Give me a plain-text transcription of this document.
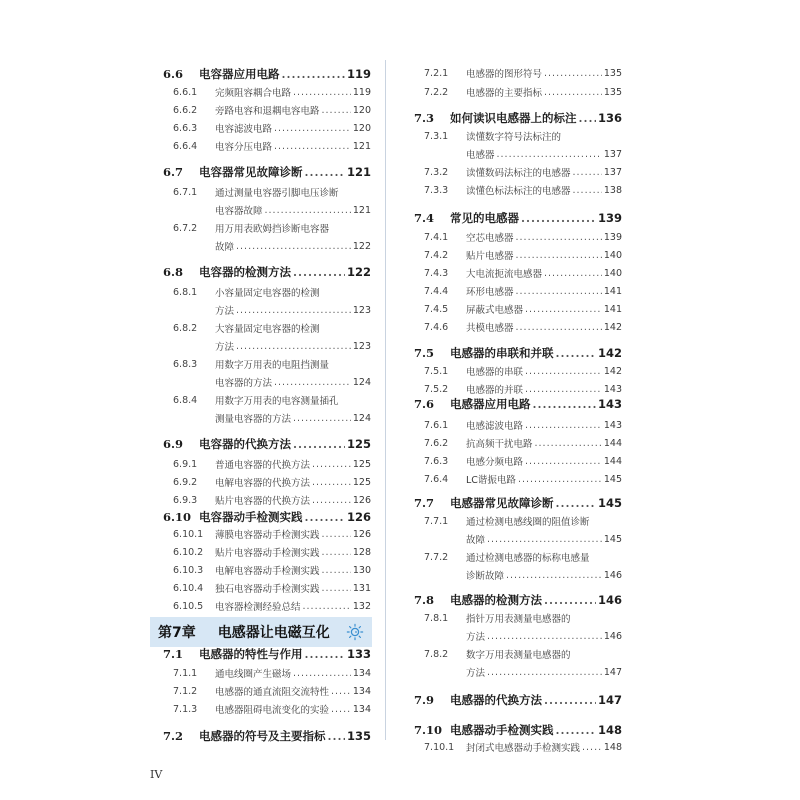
6.6	电容器应用电路 .....	119
6.6.1	完频阻容耦合电路 .....	119
6.6.2	旁路电容和退耦电容电路 .....	120
6.6.3	电容滤波电路 .....	120
6.6.4	电容分压电路 .....	121
6.7	电容器常见故障诊断 .....	121
6.7.1	通过测量电容器引脚电压诊断
电容器故障 .....	121
6.7.2	用万用表欧姆挡诊断电容器
故障 .....	122
6.8	电容器的检测方法 .....	122
6.8.1	小容量固定电容器的检测
方法 .....	123
6.8.2	大容量固定电容器的检测
方法 .....	123
6.8.3	用数字万用表的电阻挡测量
电容器的方法 .....	124
6.8.4	用数字万用表的电容测量插孔
测量电容器的方法 .....	124
6.9	电容器的代换方法 .....	125
6.9.1	普通电容器的代换方法 .....	125
6.9.2	电解电容器的代换方法 .....	125
6.9.3	贴片电容器的代换方法 .....	126
6.10 电容器动手检测实践 .....	126
6.10.1	薄膜电容器动手检测实践 .....	126
6.10.2	贴片电容器动手检测实践 .....	128
6.10.3	电解电容器动手检测实践 .....	130
6.10.4	独石电容器动手检测实践 .....	131
6.10.5	电容器检测经验总结 .....	132
7.1	电感器的特性与作用 .....	133
7.1.1	通电线圈产生磁场 .....	134
7.1.2	电感器的通直流阻交流特性 .....	134
7.1.3	电感器阻碍电流变化的实验 .....	134
7.2	电感器的符号及主要指标 ..... 135
7.2.1	电感器的图形符号 .....	135
7.2.2	电感器的主要指标 .....	135
7.3	如何读识电感器上的标注 ..... 136
7.3.1	读懂数字符号法标注的
电感器 .....	137
7.3.2	读懂数码法标注的电感器 .....	137
7.3.3	读懂色标法标注的电感器 .....	138
7.4	常见的电感器 .....	139
7.4.1	空芯电感器 .....	139
7.4.2	贴片电感器 .....	140
7.4.3	大电流扼流电感器 .....	140
7.4.4	环形电感器 .....	141
7.4.5	屏蔽式电感器 .....	141
7.4.6	共模电感器 .....	142
7.5	电感器的串联和并联 .....	142
7.5.1	电感器的串联 .....	142
7.5.2	电感器的并联 .....	143
7.6	电感器应用电路 .....	143
7.6.1	电感滤波电路 .....	143
7.6.2	抗高频干扰电路 .....	144
7.6.3	电感分频电路 .....	144
7.6.4	LC谐振电路 .....	145
7.7	电感器常见故障诊断 .....	145
7.7.1	通过检测电感线圈的阻值诊断
故障 .....	145
7.7.2	通过检测电感器的标称电感量
诊断故障 .....	146
7.8	电感器的检测方法 .....	146
7.8.1	指针万用表测量电感器的
方法 .....	146
7.8.2	数字万用表测量电感器的
方法 .....	147
7.9	电感器的代换方法 .....	147
7.10 电感器动手检测实践 .....	148
7.10.1	封闭式电感器动手检测实践 .....	148
第7章	电感器让电磁互化
IV
